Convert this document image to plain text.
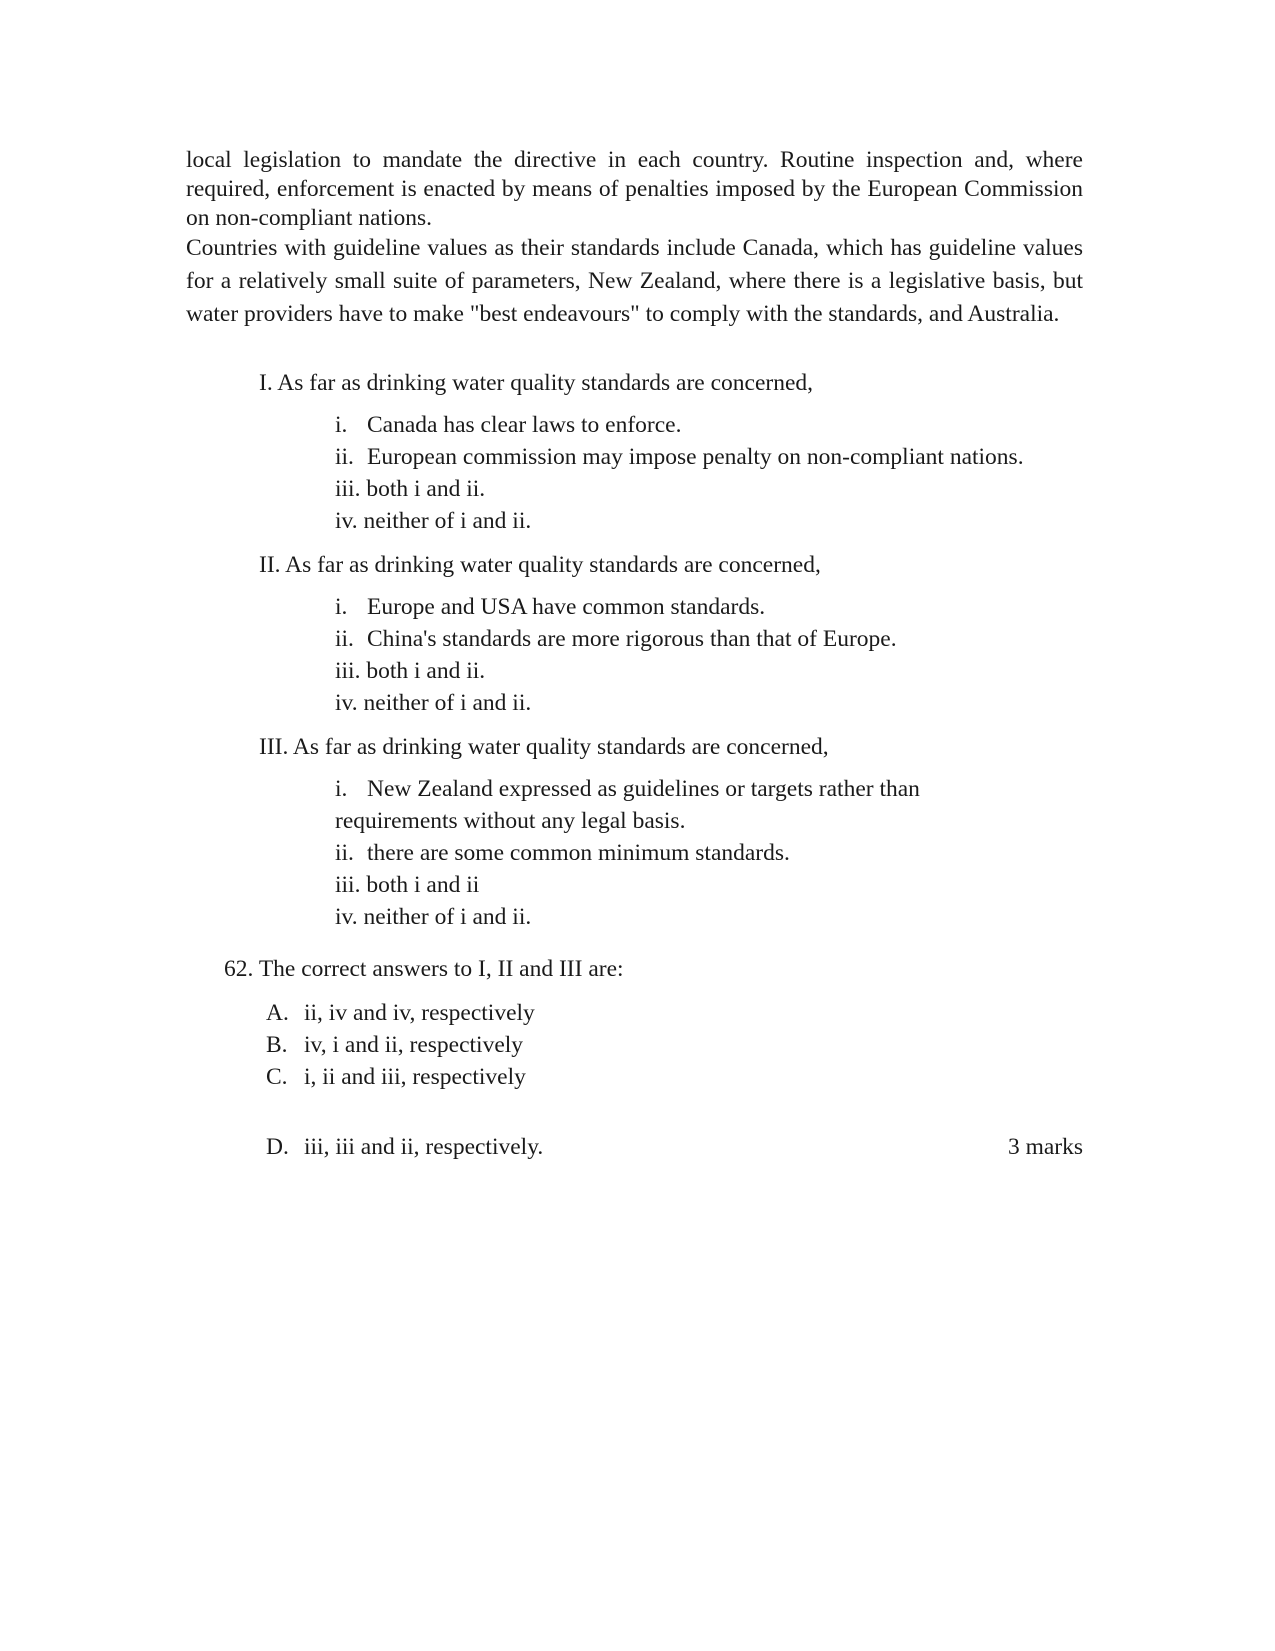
local legislation to mandate the directive in each country. Routine inspection and, where required, enforcement is enacted by means of penalties imposed by the European Commission on non-compliant nations.

Countries with guideline values as their standards include Canada, which has guideline values for a relatively small suite of parameters, New Zealand, where there is a legislative basis, but water providers have to make "best endeavours" to comply with the standards, and Australia.

I. As far as drinking water quality standards are concerned,
i. Canada has clear laws to enforce.
ii. European commission may impose penalty on non-compliant nations.
iii. both i and ii.
iv. neither of i and ii.
II. As far as drinking water quality standards are concerned,
i. Europe and USA have common standards.
ii. China's standards are more rigorous than that of Europe.
iii. both i and ii.
iv. neither of i and ii.
III. As far as drinking water quality standards are concerned,
i. New Zealand expressed as guidelines or targets rather than
requirements without any legal basis.
ii. there are some common minimum standards.
iii. both i and ii
iv. neither of i and ii.
62. The correct answers to I, II and III are:
A. ii, iv and iv, respectively
B. iv, i and ii, respectively
C. i, ii and iii, respectively
D. iii, iii and ii, respectively.	3 marks
